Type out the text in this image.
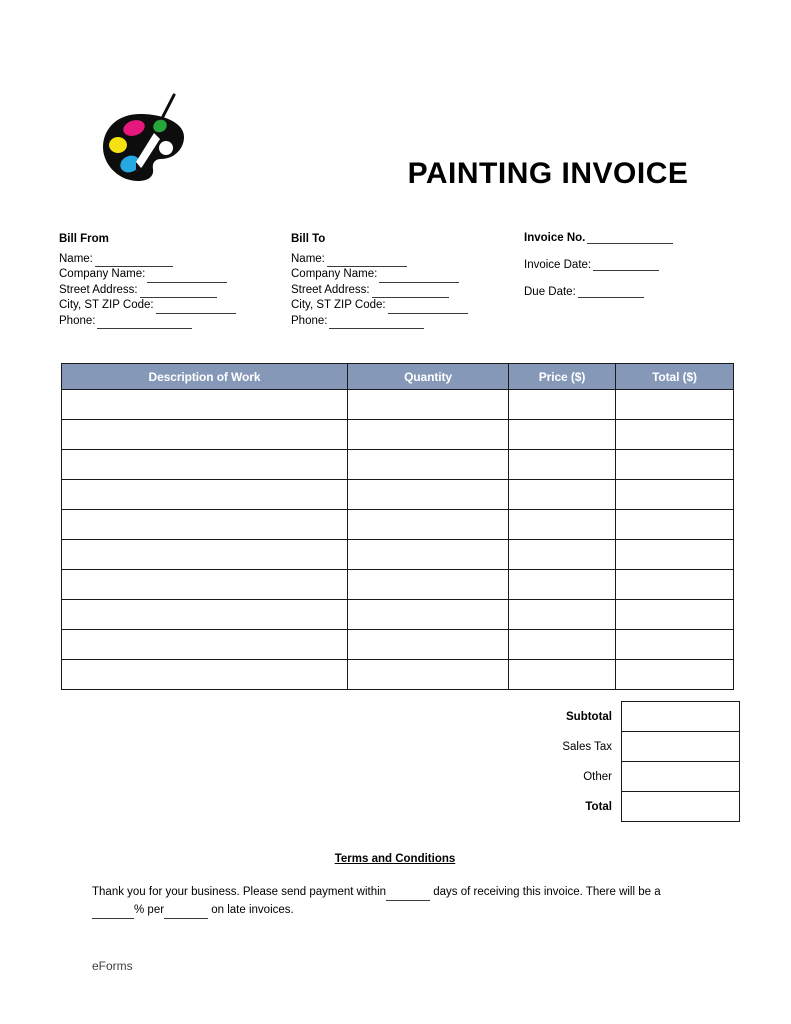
PAINTING INVOICE
Bill From
Name:
Company Name:
Street Address:
City, ST ZIP Code:
Phone:
Bill To
Name:
Company Name:
Street Address:
City, ST ZIP Code:
Phone:
Invoice No.
Invoice Date:
Due Date:
Description of Work	Quantity	Price ($)	Total ($)

Subtotal	
Sales Tax	
Other	
Total	
Terms and Conditions
Thank you for your business. Please send payment within	days of receiving this invoice. There will be a% per	on late invoices.
eForms
